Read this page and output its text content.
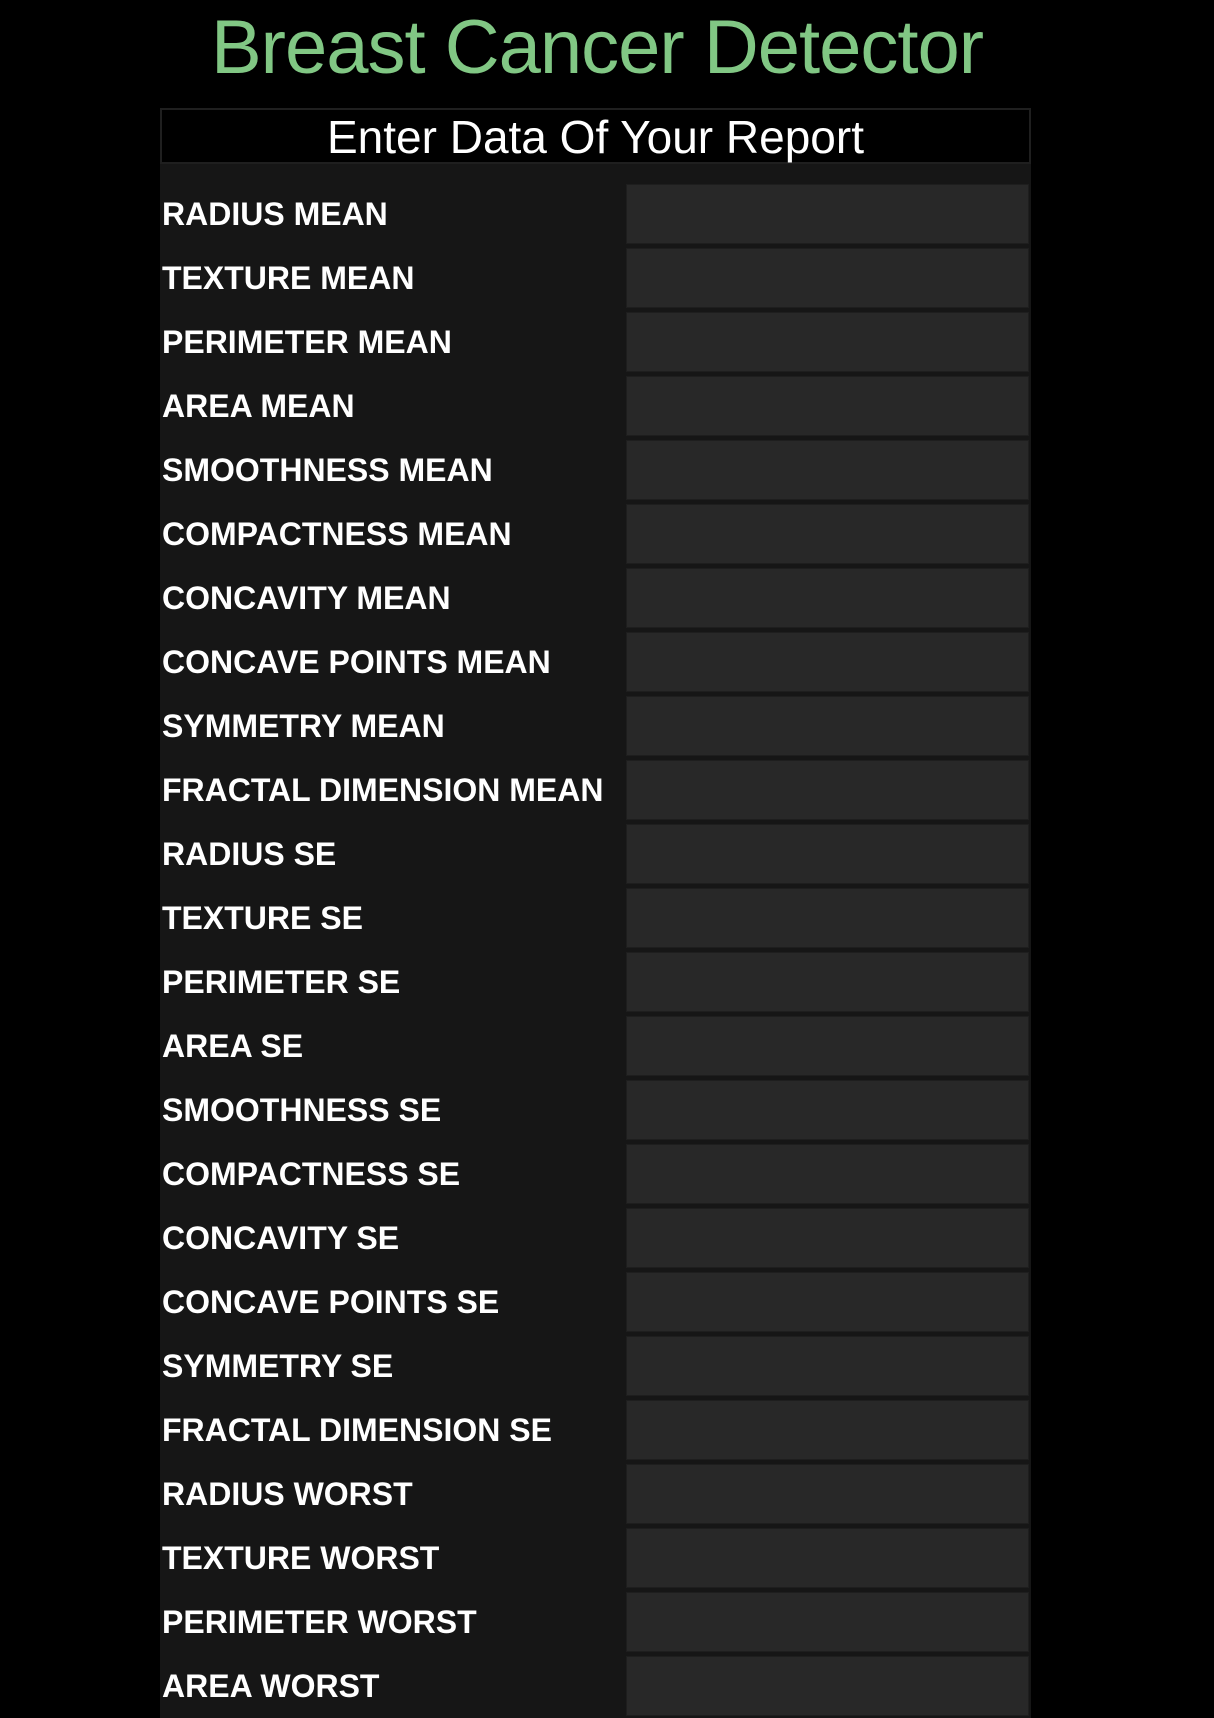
Breast Cancer Detector
Enter Data Of Your Report
RADIUS MEAN
TEXTURE MEAN
PERIMETER MEAN
AREA MEAN
SMOOTHNESS MEAN
COMPACTNESS MEAN
CONCAVITY MEAN
CONCAVE POINTS MEAN
SYMMETRY MEAN
FRACTAL DIMENSION MEAN
RADIUS SE
TEXTURE SE
PERIMETER SE
AREA SE
SMOOTHNESS SE
COMPACTNESS SE
CONCAVITY SE
CONCAVE POINTS SE
SYMMETRY SE
FRACTAL DIMENSION SE
RADIUS WORST
TEXTURE WORST
PERIMETER WORST
AREA WORST
